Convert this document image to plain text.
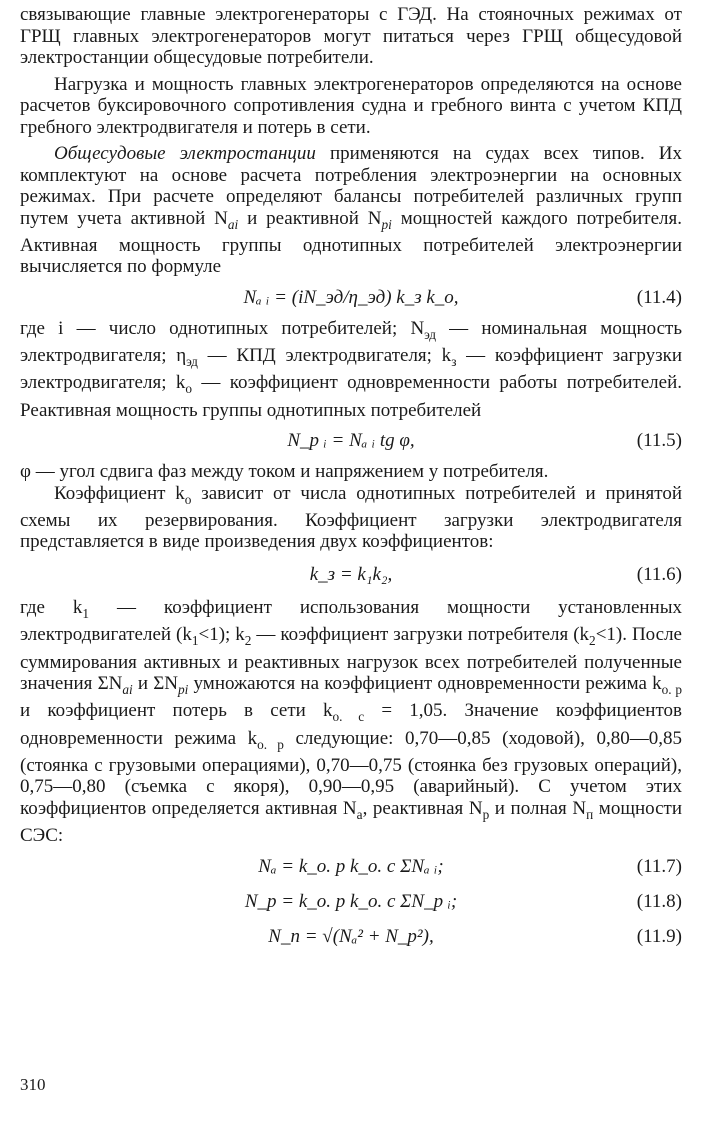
связывающие главные электрогенераторы с ГЭД. На стояночных режимах от ГРЩ главных электрогенераторов могут питаться через ГРЩ общесудовой электростанции общесудовые потребители.

Нагрузка и мощность главных электрогенераторов определяются на основе расчетов буксировочного сопротивления судна и гребного винта с учетом КПД гребного электродвигателя и потерь в сети.

Общесудовые электростанции применяются на судах всех типов. Их комплектуют на основе расчета потребления электроэнергии на основных режимах. При расчете определяют балансы потребителей различных групп путем учета активной $N_{ai}$ и реактивной $N_{pi}$ мощностей каждого потребителя. Активная мощность группы однотипных потребителей электроэнергии вычисляется по формуле

Nₐ ᵢ = (iN_эд/η_эд) k_з k_о,	(11.4)

где i — число однотипных потребителей; $N_{эд}$ — номинальная мощность электродвигателя; $\eta_{эд}$ — КПД электродвигателя; $k_з$ — коэффициент загрузки электродвигателя; $k_о$ — коэффициент одновременности работы потребителей. Реактивная мощность группы однотипных потребителей

N_р ᵢ = Nₐ ᵢ tg φ,	(11.5)

φ — угол сдвига фаз между током и напряжением у потребителя.

Коэффициент $k_о$ зависит от числа однотипных потребителей и принятой схемы их резервирования. Коэффициент загрузки электродвигателя представляется в виде произведения двух коэффициентов:

k_з = k₁k₂,	(11.6)

где $k_1$ — коэффициент использования мощности установленных электродвигателей $(k_1<1)$; $k_2$ — коэффициент загрузки потребителя $(k_2<1)$. После суммирования активных и реактивных нагрузок всех потребителей полученные значения $\Sigma N_{ai}$ и $\Sigma N_{pi}$ умножаются на коэффициент одновременности режима $k_{о. р}$ и коэффициент потерь в сети $k_{о. с} = 1,05$. Значение коэффициентов одновременности режима $k_{о. р}$ следующие: 0,70—0,85 (ходовой), 0,80—0,85 (стоянка с грузовыми операциями), 0,70—0,75 (стоянка без грузовых операций), 0,75—0,80 (съемка с якоря), 0,90—0,95 (аварийный). С учетом этих коэффициентов определяется активная $N_а$, реактивная $N_р$ и полная $N_п$ мощности СЭС:

Nₐ = k_о. р k_о. с ΣNₐ ᵢ;	(11.7)
N_р = k_о. р k_о. с ΣN_р ᵢ;	(11.8)
N_п = √(Nₐ² + N_р²),	(11.9)
310
